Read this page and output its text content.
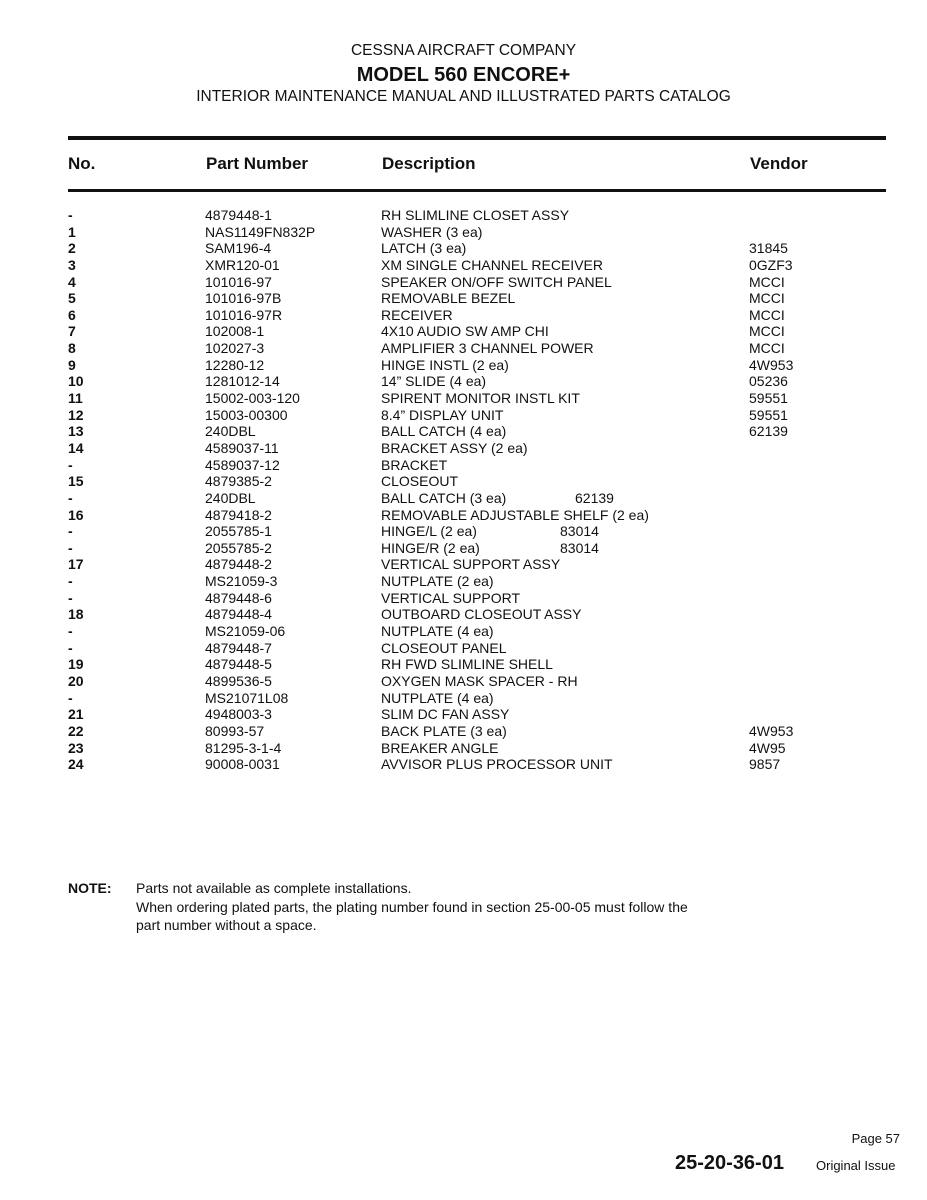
CESSNA AIRCRAFT COMPANY
MODEL 560 ENCORE+
INTERIOR MAINTENANCE MANUAL AND ILLUSTRATED PARTS CATALOG
No.	Part Number	Description	Vendor
-	4879448-1	RH SLIMLINE CLOSET ASSY
1	NAS1149FN832P	WASHER (3 ea)
2	SAM196-4	LATCH (3 ea)	31845
3	XMR120-01	XM SINGLE CHANNEL RECEIVER	0GZF3
4	101016-97	SPEAKER ON/OFF SWITCH PANEL	MCCI
5	101016-97B	REMOVABLE BEZEL	MCCI
6	101016-97R	RECEIVER	MCCI
7	102008-1	4X10 AUDIO SW AMP CHI	MCCI
8	102027-3	AMPLIFIER 3 CHANNEL POWER	MCCI
9	12280-12	HINGE INSTL (2 ea)	4W953
10	1281012-14	14” SLIDE (4 ea)	05236
11	15002-003-120	SPIRENT MONITOR INSTL KIT	59551
12	15003-00300	8.4” DISPLAY UNIT	59551
13	240DBL	BALL CATCH (4 ea)	62139
14	4589037-11	BRACKET ASSY (2 ea)
-	4589037-12	BRACKET
15	4879385-2	CLOSEOUT
-	240DBL	BALL CATCH (3 ea)	62139
16	4879418-2	REMOVABLE ADJUSTABLE SHELF (2 ea)
-	2055785-1	HINGE/L (2 ea)	83014
-	2055785-2	HINGE/R (2 ea)	83014
17	4879448-2	VERTICAL SUPPORT ASSY
-	MS21059-3	NUTPLATE (2 ea)
-	4879448-6	VERTICAL SUPPORT
18	4879448-4	OUTBOARD CLOSEOUT ASSY
-	MS21059-06	NUTPLATE (4 ea)
-	4879448-7	CLOSEOUT PANEL
19	4879448-5	RH FWD SLIMLINE SHELL
20	4899536-5	OXYGEN MASK SPACER - RH
-	MS21071L08	NUTPLATE (4 ea)
21	4948003-3	SLIM DC FAN ASSY
22	80993-57	BACK PLATE (3 ea)	4W953
23	81295-3-1-4	BREAKER ANGLE	4W95
24	90008-0031	AVVISOR PLUS PROCESSOR UNIT	9857
NOTE: Parts not available as complete installations.
When ordering plated parts, the plating number found in section 25-00-05 must follow the
part number without a space.
Page 57
25-20-36-01 Original Issue
